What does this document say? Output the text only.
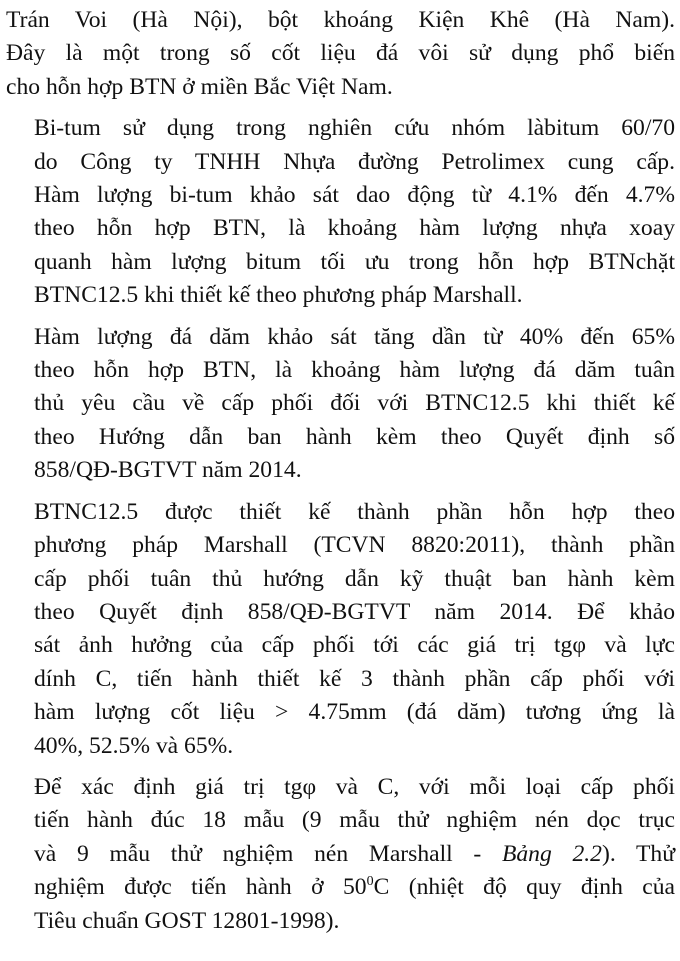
Trán Voi (Hà Nội), bột khoáng Kiện Khê (Hà Nam).
Đây là một trong số cốt liệu đá vôi sử dụng phổ biến
cho hỗn hợp BTN ở miền Bắc Việt Nam.

Bi-tum sử dụng trong nghiên cứu nhóm làbitum 60/70
do Công ty TNHH Nhựa đường Petrolimex cung cấp.
Hàm lượng bi-tum khảo sát dao động từ 4.1% đến 4.7%
theo hỗn hợp BTN, là khoảng hàm lượng nhựa xoay
quanh hàm lượng bitum tối ưu trong hỗn hợp BTNchặt
BTNC12.5 khi thiết kế theo phương pháp Marshall.

Hàm lượng đá dăm khảo sát tăng dần từ 40% đến 65%
theo hỗn hợp BTN, là khoảng hàm lượng đá dăm tuân
thủ yêu cầu về cấp phối đối với BTNC12.5 khi thiết kế
theo Hướng dẫn ban hành kèm theo Quyết định số
858/QĐ-BGTVT năm 2014.

BTNC12.5 được thiết kế thành phần hỗn hợp theo
phương pháp Marshall (TCVN 8820:2011), thành phần
cấp phối tuân thủ hướng dẫn kỹ thuật ban hành kèm
theo Quyết định 858/QĐ-BGTVT năm 2014. Để khảo
sát ảnh hưởng của cấp phối tới các giá trị tgφ và lực
dính C, tiến hành thiết kế 3 thành phần cấp phối với
hàm lượng cốt liệu > 4.75mm (đá dăm) tương ứng là
40%, 52.5% và 65%.

Để xác định giá trị tgφ và C, với mỗi loại cấp phối
tiến hành đúc 18 mẫu (9 mẫu thử nghiệm nén dọc trục
và 9 mẫu thử nghiệm nén Marshall - Bảng 2.2). Thử
nghiệm được tiến hành ở $50^0C$ (nhiệt độ quy định của
Tiêu chuẩn GOST 12801-1998).
